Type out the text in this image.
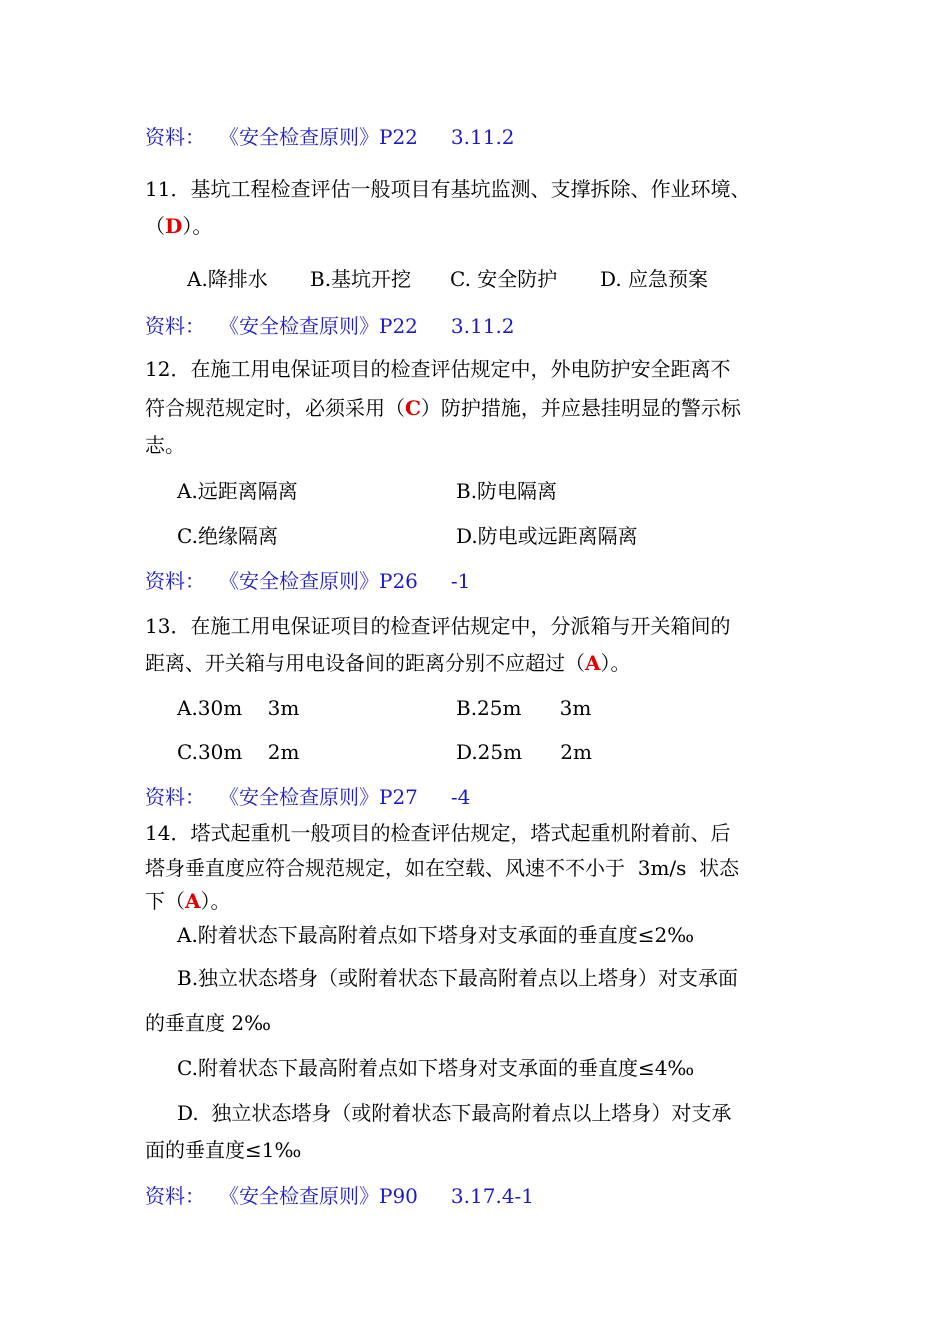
资料： 《安全检查原则》P22 3.11.2
11．基坑工程检查评估一般项目有基坑监测、支撑拆除、作业环境、
（D）。
A.降排水 B.基坑开挖 C. 安全防护 D. 应急预案
资料： 《安全检查原则》P22 3.11.2
12．在施工用电保证项目的检查评估规定中，外电防护安全距离不
符合规范规定时，必须采用（C）防护措施，并应悬挂明显的警示标
志。
A.远距离隔离	B.防电隔离
C.绝缘隔离	D.防电或远距离隔离
资料： 《安全检查原则》P26 -1
13．在施工用电保证项目的检查评估规定中，分派箱与开关箱间的
距离、开关箱与用电设备间的距离分别不应超过（A）。
A.30m    3m	B.25m      3m
C.30m    2m	D.25m      2m
资料： 《安全检查原则》P27 -4
14．塔式起重机一般项目的检查评估规定，塔式起重机附着前、后
塔身垂直度应符合规范规定，如在空载、风速不不小于  3m/s  状态
下（A）。
A.附着状态下最高附着点如下塔身对支承面的垂直度≤2‰
B.独立状态塔身（或附着状态下最高附着点以上塔身）对支承面
的垂直度 2‰
C.附着状态下最高附着点如下塔身对支承面的垂直度≤4‰
D.  独立状态塔身（或附着状态下最高附着点以上塔身）对支承
面的垂直度≤1‰
资料： 《安全检查原则》P90 3.17.4-1
